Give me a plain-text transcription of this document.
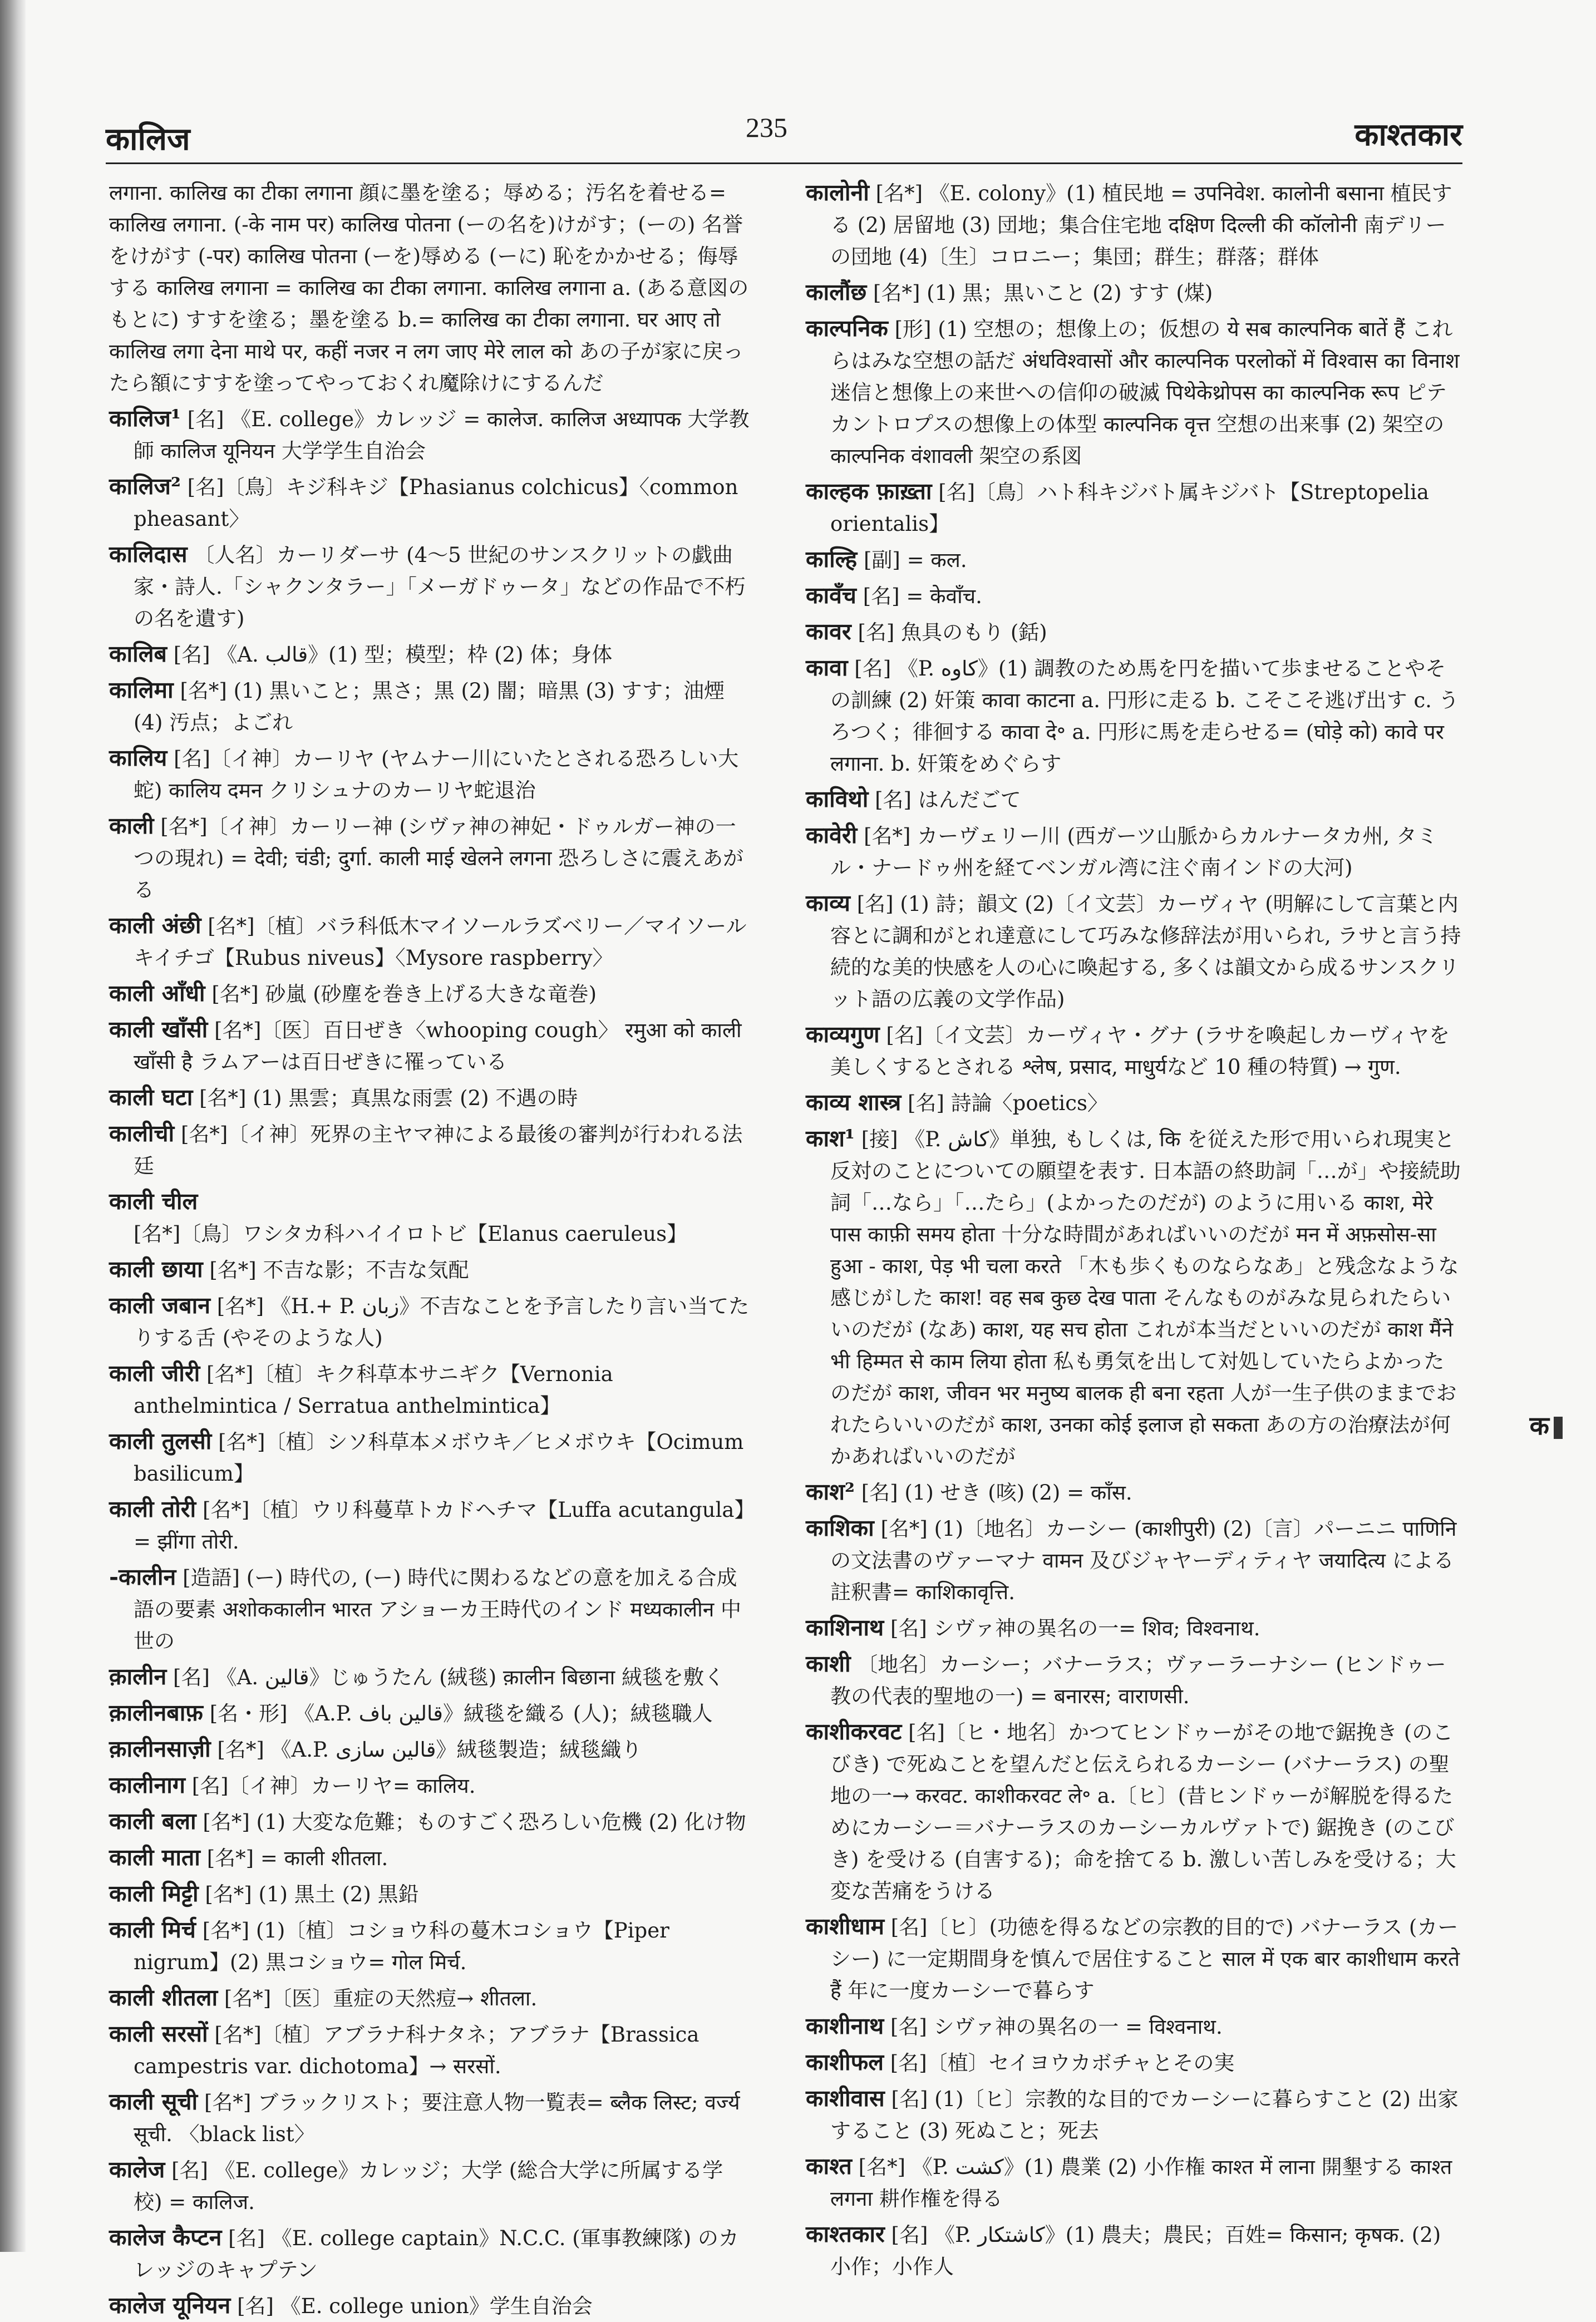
कालिज	235	काश्तकार

लगाना. कालिख का टीका लगाना 顔に墨を塗る；辱める；汚名を着せる= कालिख लगाना. (-के नाम पर) कालिख पोतना (ーの名を)けがす；(ーの) 名誉をけがす (-पर) कालिख पोतना (ーを)辱める (ーに) 恥をかかせる；侮辱する कालिख लगाना = कालिख का टीका लगाना. कालिख लगाना a. (ある意図のもとに) すすを塗る；墨を塗る b.= कालिख का टीका लगाना. घर आए तो कालिख लगा देना माथे पर, कहीं नजर न लग जाए मेरे लाल को あの子が家に戻ったら額にすすを塗ってやっておくれ魔除けにするんだ

कालिज¹ [名] 《E. college》カレッジ = कालेज. कालिज अध्यापक 大学教師 कालिज यूनियन 大学学生自治会

कालिज² [名]〔鳥〕キジ科キジ【Phasianus colchicus】〈common pheasant〉

कालिदास 〔人名〕カーリダーサ (4〜5 世紀のサンスクリットの戯曲家・詩人.「シャクンタラー」「メーガドゥータ」などの作品で不朽の名を遺す)

कालिब [名] 《A. قالب》(1) 型；模型；枠 (2) 体；身体

कालिमा [名*] (1) 黒いこと；黒さ；黒 (2) 闇；暗黒 (3) すす；油煙 (4) 汚点；よごれ

कालिय [名]〔イ神〕カーリヤ (ヤムナー川にいたとされる恐ろしい大蛇) कालिय दमन クリシュナのカーリヤ蛇退治

काली [名*]〔イ神〕カーリー神 (シヴァ神の神妃・ドゥルガー神の一つの現れ) = देवी; चंडी; दुर्गा. काली माई खेलने लगना 恐ろしさに震えあがる

काली अंछी [名*]〔植〕バラ科低木マイソールラズベリー／マイソールキイチゴ【Rubus niveus】〈Mysore raspberry〉

काली आँधी [名*] 砂嵐 (砂塵を巻き上げる大きな竜巻)

काली खाँसी [名*]〔医〕百日ぜき〈whooping cough〉 रमुआ को काली खाँसी है ラムアーは百日ぜきに罹っている

काली घटा [名*] (1) 黒雲；真黒な雨雲 (2) 不遇の時

कालीची [名*]〔イ神〕死界の主ヤマ神による最後の審判が行われる法廷

काली चील [名*]〔鳥〕ワシタカ科ハイイロトビ【Elanus caeruleus】

काली छाया [名*] 不吉な影；不吉な気配

काली जबान [名*] 《H.+ P. زبان》不吉なことを予言したり言い当てたりする舌 (やそのような人)

काली जीरी [名*]〔植〕キク科草本サニギク【Vernonia anthelmintica / Serratua anthelmintica】

काली तुलसी [名*]〔植〕シソ科草本メボウキ／ヒメボウキ【Ocimum basilicum】

काली तोरी [名*]〔植〕ウリ科蔓草トカドヘチマ【Luffa acutangula】= झींगा तोरी.

-कालीन [造語] (ー) 時代の, (ー) 時代に関わるなどの意を加える合成語の要素 अशोककालीन भारत アショーカ王時代のインド मध्यकालीन 中世の

क़ालीन [名] 《A. قالين》じゅうたん (絨毯) क़ालीन बिछाना 絨毯を敷く

क़ालीनबाफ़ [名・形] 《A.P. قالين باف》絨毯を織る (人)；絨毯職人

क़ालीनसाज़ी [名*] 《A.P. قالين سازى》絨毯製造；絨毯織り

कालीनाग [名]〔イ神〕カーリヤ= कालिय.

काली बला [名*] (1) 大変な危難；ものすごく恐ろしい危機 (2) 化け物

काली माता [名*] = काली शीतला.

काली मिट्टी [名*] (1) 黒土 (2) 黒鉛

काली मिर्च [名*] (1)〔植〕コショウ科の蔓木コショウ【Piper nigrum】(2) 黒コショウ= गोल मिर्च.

काली शीतला [名*]〔医〕重症の天然痘→ शीतला.

काली सरसों [名*]〔植〕アブラナ科ナタネ；アブラナ【Brassica campestris var. dichotoma】→ सरसों.

काली सूची [名*] ブラックリスト；要注意人物一覧表= ब्लैक लिस्ट; वर्ज्य सूची. 〈black list〉

कालेज [名] 《E. college》カレッジ；大学 (総合大学に所属する学校) = कालिज.

कालेज कैप्टन [名] 《E. college captain》N.C.C. (軍事教練隊) のカレッジのキャプテン

कालेज यूनियन [名] 《E. college union》学生自治会

कालोनी [名*] 《E. colony》(1) 植民地 = उपनिवेश. कालोनी बसाना 植民する (2) 居留地 (3) 団地；集合住宅地 दक्षिण दिल्ली की कॉलोनी 南デリーの団地 (4)〔生〕コロニー；集団；群生；群落；群体

कालौंछ [名*] (1) 黒；黒いこと (2) すす (煤)

काल्पनिक [形] (1) 空想の；想像上の；仮想の ये सब काल्पनिक बातें हैं これらはみな空想の話だ अंधविश्वासों और काल्पनिक परलोकों में विश्वास का विनाश 迷信と想像上の来世への信仰の破滅 पिथेकेथ्रोपस का काल्पनिक रूप ピテカントロプスの想像上の体型 काल्पनिक वृत्त 空想の出来事 (2) 架空の काल्पनिक वंशावली 架空の系図

काल्हक फ़ाख़्ता [名]〔鳥〕ハト科キジバト属キジバト【Streptopelia orientalis】

काल्हि [副] = कल.

कावँच [名] = केवाँच.

कावर [名] 魚具のもり (銛)

कावा [名] 《P. کاوه》(1) 調教のため馬を円を描いて歩ませることやその訓練 (2) 奸策 कावा काटना a. 円形に走る b. こそこそ逃げ出す c. うろつく；徘徊する कावा दे॰ a. 円形に馬を走らせる= (घोड़े को) कावे पर लगाना. b. 奸策をめぐらす

काविथो [名] はんだごて

कावेरी [名*] カーヴェリー川 (西ガーツ山脈からカルナータカ州, タミル・ナードゥ州を経てベンガル湾に注ぐ南インドの大河)

काव्य [名] (1) 詩；韻文 (2)〔イ文芸〕カーヴィヤ (明解にして言葉と内容とに調和がとれ達意にして巧みな修辞法が用いられ, ラサと言う持続的な美的快感を人の心に喚起する, 多くは韻文から成るサンスクリット語の広義の文学作品)

काव्यगुण [名]〔イ文芸〕カーヴィヤ・グナ (ラサを喚起しカーヴィヤを美しくするとされる श्लेष, प्रसाद, माधुर्यなど 10 種の特質) → गुण.

काव्य शास्त्र [名] 詩論〈poetics〉

काश¹ [接] 《P. کاش》単独, もしくは, कि を従えた形で用いられ現実と反対のことについての願望を表す. 日本語の終助詞「…が」や接続助詞「…なら」「…たら」(よかったのだが) のように用いる काश, मेरे पास काफ़ी समय होता 十分な時間があればいいのだが मन में अफ़सोस-सा हुआ - काश, पेड़ भी चला करते 「木も歩くものならなあ」と残念なような感じがした काश! वह सब कुछ देख पाता そんなものがみな見られたらいいのだが (なあ) काश, यह सच होता これが本当だといいのだが काश मैंने भी हिम्मत से काम लिया होता 私も勇気を出して対処していたらよかったのだが काश, जीवन भर मनुष्य बालक ही बना रहता 人が一生子供のままでおれたらいいのだが काश, उनका कोई इलाज हो सकता あの方の治療法が何かあればいいのだが

काश² [名] (1) せき (咳) (2) = काँस.

काशिका [名*] (1)〔地名〕カーシー (काशीपुरी) (2)〔言〕パーニニ पाणिनि の文法書のヴァーマナ वामन 及びジャヤーディティヤ जयादित्य による註釈書= काशिकावृत्ति.

काशिनाथ [名] シヴァ神の異名の一= शिव; विश्वनाथ.

काशी 〔地名〕カーシー；バナーラス；ヴァーラーナシー (ヒンドゥー教の代表的聖地の一) = बनारस; वाराणसी.

काशीकरवट [名]〔ヒ・地名〕かつてヒンドゥーがその地で鋸挽き (のこびき) で死ぬことを望んだと伝えられるカーシー (バナーラス) の聖地の一→ करवट. काशीकरवट ले॰ a.〔ヒ〕(昔ヒンドゥーが解脱を得るためにカーシー＝バナーラスのカーシーカルヴァトで) 鋸挽き (のこびき) を受ける (自害する)；命を捨てる b. 激しい苦しみを受ける；大変な苦痛をうける

काशीधाम [名]〔ヒ〕(功徳を得るなどの宗教的目的で) バナーラス (カーシー) に一定期間身を慎んで居住すること साल में एक बार काशीधाम करते हैं 年に一度カーシーで暮らす

काशीनाथ [名] シヴァ神の異名の一 = विश्वनाथ.

काशीफल [名]〔植〕セイヨウカボチャとその実

काशीवास [名] (1)〔ヒ〕宗教的な目的でカーシーに暮らすこと (2) 出家すること (3) 死ぬこと；死去

काश्त [名*] 《P. کشت》(1) 農業 (2) 小作権 काश्त में लाना 開墾する काश्त लगना 耕作権を得る

काश्तकार [名] 《P. کاشتکار》(1) 農夫；農民；百姓= किसान; कृषक. (2) 小作；小作人

क
